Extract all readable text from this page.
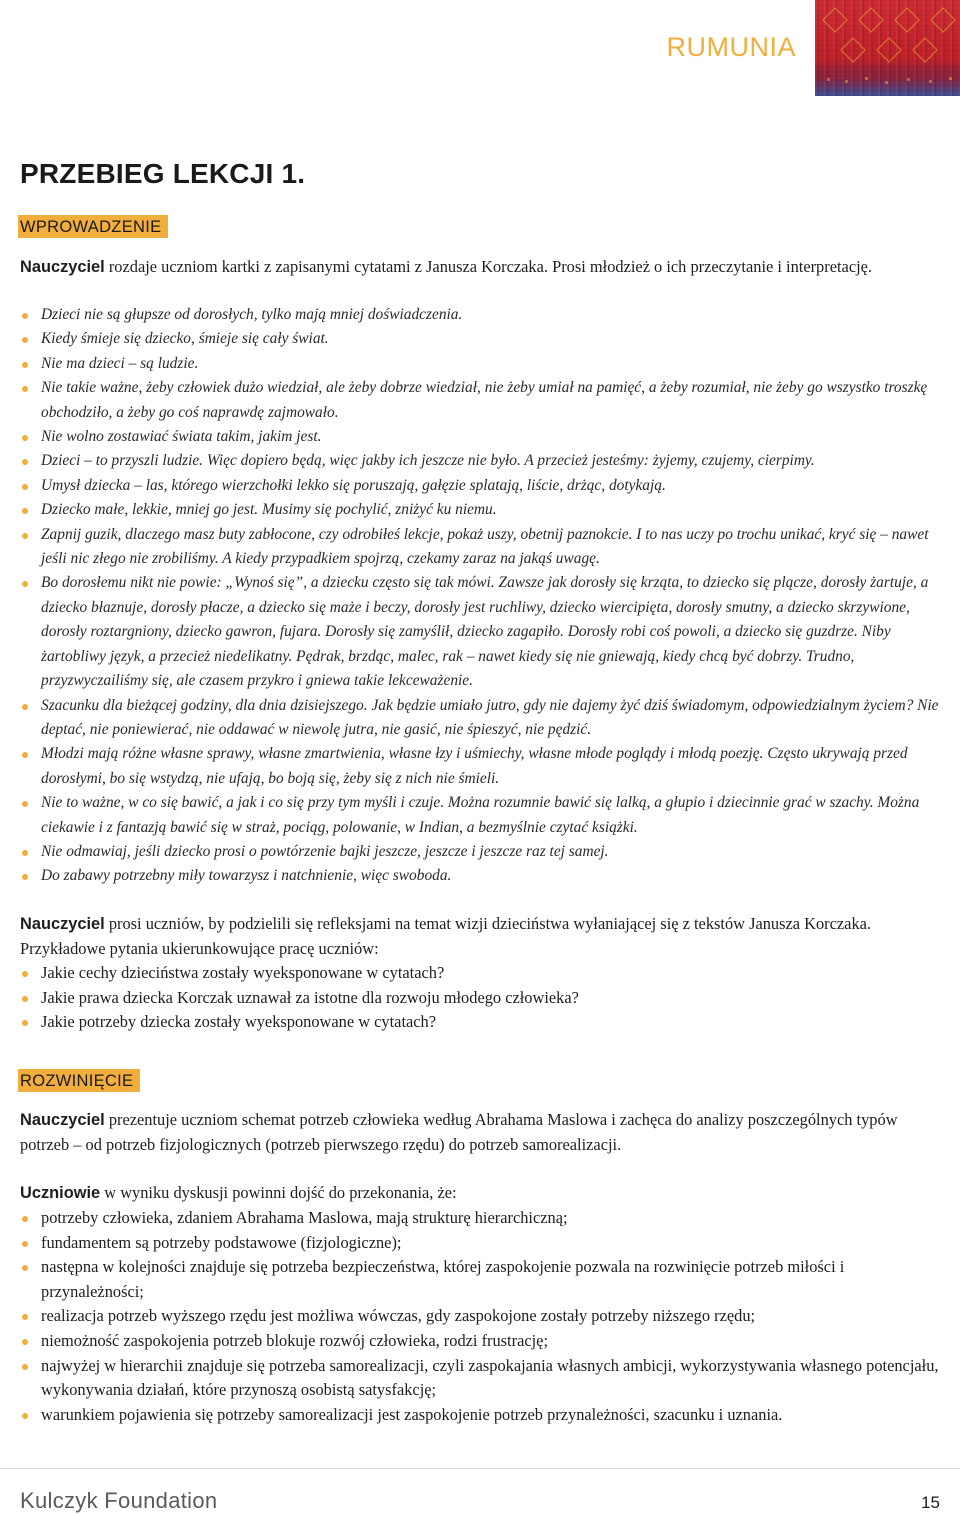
RUMUNIA
PRZEBIEG LEKCJI 1.
WPROWADZENIE

Nauczyciel rozdaje uczniom kartki z zapisanymi cytatami z Janusza Korczaka. Prosi młodzież o ich przeczytanie i interpretację.

Dzieci nie są głupsze od dorosłych, tylko mają mniej doświadczenia.
Kiedy śmieje się dziecko, śmieje się cały świat.
Nie ma dzieci – są ludzie.
Nie takie ważne, żeby człowiek dużo wiedział, ale żeby dobrze wiedział, nie żeby umiał na pamięć, a żeby rozumiał, nie żeby go wszystko troszkę obchodziło, a żeby go coś naprawdę zajmowało.
Nie wolno zostawiać świata takim, jakim jest.
Dzieci – to przyszli ludzie. Więc dopiero będą, więc jakby ich jeszcze nie było. A przecież jesteśmy: żyjemy, czujemy, cierpimy.
Umysł dziecka – las, którego wierzchołki lekko się poruszają, gałęzie splatają, liście, drżąc, dotykają.
Dziecko małe, lekkie, mniej go jest. Musimy się pochylić, zniżyć ku niemu.
Zapnij guzik, dlaczego masz buty zabłocone, czy odrobiłeś lekcje, pokaż uszy, obetnij paznokcie. I to nas uczy po trochu unikać, kryć się – nawet jeśli nic złego nie zrobiliśmy. A kiedy przypadkiem spojrzą, czekamy zaraz na jakąś uwagę.
Bo dorosłemu nikt nie powie: „Wynoś się”, a dziecku często się tak mówi. Zawsze jak dorosły się krząta, to dziecko się plącze, dorosły żartuje, a dziecko błaznuje, dorosły płacze, a dziecko się maże i beczy, dorosły jest ruchliwy, dziecko wiercipięta, dorosły smutny, a dziecko skrzywione, dorosły roztargniony, dziecko gawron, fujara. Dorosły się zamyślił, dziecko zagapiło. Dorosły robi coś powoli, a dziecko się guzdrze. Niby żartobliwy język, a przecież niedelikatny. Pędrak, brzdąc, malec, rak – nawet kiedy się nie gniewają, kiedy chcą być dobrzy. Trudno, przyzwyczailiśmy się, ale czasem przykro i gniewa takie lekceważenie.
Szacunku dla bieżącej godziny, dla dnia dzisiejszego. Jak będzie umiało jutro, gdy nie dajemy żyć dziś świadomym, odpowiedzialnym życiem? Nie deptać, nie poniewierać, nie oddawać w niewolę jutra, nie gasić, nie śpieszyć, nie pędzić.
Młodzi mają różne własne sprawy, własne zmartwienia, własne łzy i uśmiechy, własne młode poglądy i młodą poezję. Często ukrywają przed dorosłymi, bo się wstydzą, nie ufają, bo boją się, żeby się z nich nie śmieli.
Nie to ważne, w co się bawić, a jak i co się przy tym myśli i czuje. Można rozumnie bawić się lalką, a głupio i dziecinnie grać w szachy. Można ciekawie i z fantazją bawić się w straż, pociąg, polowanie, w Indian, a bezmyślnie czytać książki.
Nie odmawiaj, jeśli dziecko prosi o powtórzenie bajki jeszcze, jeszcze i jeszcze raz tej samej.
Do zabawy potrzebny miły towarzysz i natchnienie, więc swoboda.

Nauczyciel prosi uczniów, by podzielili się refleksjami na temat wizji dzieciństwa wyłaniającej się z tekstów Janusza Korczaka. Przykładowe pytania ukierunkowujące pracę uczniów:

Jakie cechy dzieciństwa zostały wyeksponowane w cytatach?
Jakie prawa dziecka Korczak uznawał za istotne dla rozwoju młodego człowieka?
Jakie potrzeby dziecka zostały wyeksponowane w cytatach?
ROZWINIĘCIE

Nauczyciel prezentuje uczniom schemat potrzeb człowieka według Abrahama Maslowa i zachęca do analizy poszczególnych typów potrzeb – od potrzeb fizjologicznych (potrzeb pierwszego rzędu) do potrzeb samorealizacji.

Uczniowie w wyniku dyskusji powinni dojść do przekonania, że:

potrzeby człowieka, zdaniem Abrahama Maslowa, mają strukturę hierarchiczną;
fundamentem są potrzeby podstawowe (fizjologiczne);
następna w kolejności znajduje się potrzeba bezpieczeństwa, której zaspokojenie pozwala na rozwinięcie potrzeb miłości i przynależności;
realizacja potrzeb wyższego rzędu jest możliwa wówczas, gdy zaspokojone zostały potrzeby niższego rzędu;
niemożność zaspokojenia potrzeb blokuje rozwój człowieka, rodzi frustrację;
najwyżej w hierarchii znajduje się potrzeba samorealizacji, czyli zaspokajania własnych ambicji, wykorzystywania własnego potencjału, wykonywania działań, które przynoszą osobistą satysfakcję;
warunkiem pojawienia się potrzeby samorealizacji jest zaspokojenie potrzeb przynależności, szacunku i uznania.
Kulczyk Foundation	15
